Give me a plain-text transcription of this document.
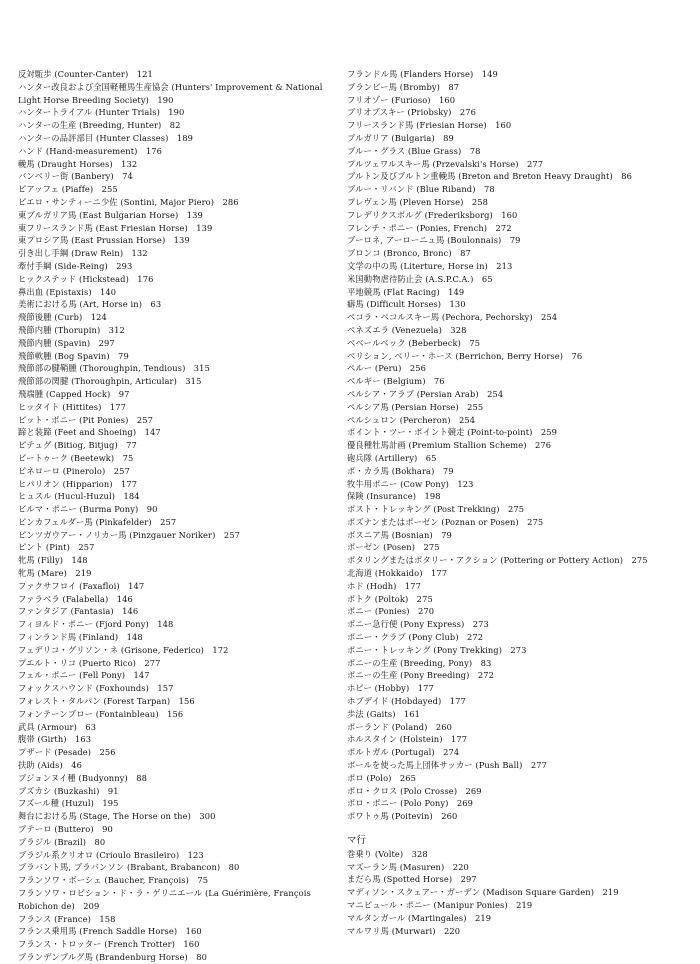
反対駈歩 (Counter-Canter)　121
ハンター改良および全国軽種馬生産協会 (Hunters' Improvement & National Light Horse Breeding Society)　190
ハンタートライアル (Hunter Trials)　190
ハンターの生産 (Breeding, Hunter)　82
ハンターの品評部目 (Hunter Classes)　189
ハンド (Hand-measurement)　176
輓馬 (Draught Horses)　132
バンベリー街 (Banbery)　74
ピアッフェ (Piaffe)　255
ピエロ・サンティーニ少佐 (Sontini, Major Piero)　286
東ブルガリア馬 (East Bulgarian Horse)　139
東フリースランド馬 (East Friesian Horse)　139
東プロシア馬 (East Prussian Horse)　139
引き出し手綱 (Draw Rein)　132
牽付手綱 (Side-Reing)　293
ヒックステッド (Hickstead)　176
鼻出血 (Epistaxis)　140
美術における馬 (Art, Horse in)　63
飛節後腫 (Curb)　124
飛節内腫 (Thorupin)　312
飛節内腫 (Spavin)　297
飛節軟腫 (Bog Spavin)　79
飛節部の腱鞘腫 (Thoroughpin, Tendious)　315
飛節部の関腱 (Thoroughpin, Articular)　315
飛端腫 (Capped Hock)　97
ヒッタイト (Hittites)　177
ピット・ポニー (Pit Ponies)　257
蹄と装蹄 (Feet and Shoeing)　147
ピテュグ (Bitiog, Bitjug)　77
ビートゥーク (Beetewk)　75
ピネローロ (Pinerolo)　257
ヒパリオン (Hipparion)　177
ヒュスル (Hucul-Huzul)　184
ビルマ・ポニー (Burma Pony)　90
ピンカフェルダー馬 (Pinkafelder)　257
ピンツガウアー・ノリカー馬 (Pinzgauer Noriker)　257
ピント (Pint)　257
牝馬 (Filly)　148
牝馬 (Mare)　219
ファクサフロイ (Faxafloi)　147
ファラベラ (Falabella)　146
ファンタジア (Fantasia)　146
フィヨルド・ポニー (Fjord Pony)　148
フィンランド馬 (Finland)　148
フェデリコ・グリソン・ネ (Grisone, Federico)　172
プエルト・リコ (Puerto Rico)　277
フェル・ポニー (Fell Pony)　147
フォックスハウンド (Foxhounds)　157
フォレスト・タルパン (Forest Tarpan)　156
フォンテーンブロー (Fontainbleau)　156
武具 (Armour)　63
腹帯 (Girth)　163
プザード (Pesade)　256
扶助 (Aids)　46
ブジョンヌイ種 (Budyonny)　88
ブズカシ (Buzkashi)　91
フズール種 (Huzul)　195
舞台における馬 (Stage, The Horse on the)　300
ブテーロ (Buttero)　90
ブラジル (Brazil)　80
ブラジル系クリオロ (Crioulo Brasileiro)　123
ブラバント馬, ブラバンソン (Brabant, Brabancon)　80
フランソワ・ボーシェ (Baucher, François)　75
フランソワ・ロビション・ド・ラ・ゲリニエール (La Guérinière, François Robichon de)　209
フランス (France)　158
フランス乗用馬 (French Saddle Horse)　160
フランス・トロッター (French Trotter)　160
ブランデンブルグ馬 (Brandenburg Horse)　80
フランドル馬 (Flanders Horse)　149
ブランビー馬 (Bromby)　87
フリオゾー (Furioso)　160
ブリオブスキー (Priobsky)　276
フリースランド馬 (Friesian Horse)　160
ブルガリア (Bulgaria)　89
ブルー・グラス (Blue Grass)　78
プルツェワルスキー馬 (Przevalski's Horse)　277
ブルトン及びブルトン重輓馬 (Breton and Breton Heavy Draught)　86
ブルー・リバンド (Blue Riband)　78
プレヴェン馬 (Pleven Horse)　258
フレデリクスボルグ (Frederiksborg)　160
フレンチ・ポニー (Ponies, French)　272
ブーロネ, アーローニュ馬 (Boulonnais)　79
ブロンコ (Bronco, Bronc)　87
文学の中の馬 (Literture, Horse in)　213
米国動物虐待防止会 (A.S.P.C.A.)　65
平地競馬 (Flat Racing)　149
癖馬 (Difficult Horses)　130
ペコラ・ペコルスキー馬 (Pechora, Pechorsky)　254
ベネズエラ (Venezuela)　328
ベベールベック (Beberbeck)　75
ベリション, ベリー・ホース (Berrichon, Berry Horse)　76
ペルー (Peru)　256
ベルギー (Belgium)　76
ペルシア・アラブ (Persian Arab)　254
ペルシア馬 (Persian Horse)　255
ペルシュロン (Percheron)　254
ポイント・ツー・ポイント競走 (Point-to-point)　259
優良種牡馬計画 (Premium Stallion Scheme)　276
砲兵隊 (Artillery)　65
ボ・カラ馬 (Bokhara)　79
牧牛用ポニー (Cow Pony)　123
保険 (Insurance)　198
ポスト・トレッキング (Post Trekking)　275
ポズナンまたはポーゼン (Poznan or Posen)　275
ボスニア馬 (Bosnian)　79
ポーゼン (Posen)　275
ポタリングまたはポタリー・アクション (Pottering or Pottery Action)　275
北海道 (Hokkaido)　177
ホド (Hodh)　177
ポトク (Poltok)　275
ポニー (Ponies)　270
ポニー急行便 (Pony Express)　273
ポニー・クラブ (Pony Club)　272
ポニー・トレッキング (Pony Trekking)　273
ポニーの生産 (Breeding, Pony)　83
ポニーの生産 (Pony Breeding)　272
ホビー (Hobby)　177
ホブデイド (Hobdayed)　177
歩法 (Gaits)　161
ポーランド (Poland)　260
ホルスタイン (Holstein)　177
ポルトガル (Portugal)　274
ボールを使った馬上団体サッカー (Push Ball)　277
ポロ (Polo)　265
ポロ・クロス (Polo Crosse)　269
ポロ・ポニー (Polo Pony)　269
ポワトゥ馬 (Poitevin)　260
マ行
巻乗り (Volte)　328
マズーラン馬 (Masuren)　220
まだら馬 (Spotted Horse)　297
マディソン・スクェアー・ガーデン (Madison Square Garden)　219
マニピュール・ポニー (Manipur Ponies)　219
マルタンガール (Martingales)　219
マルワリ馬 (Murwari)　220
